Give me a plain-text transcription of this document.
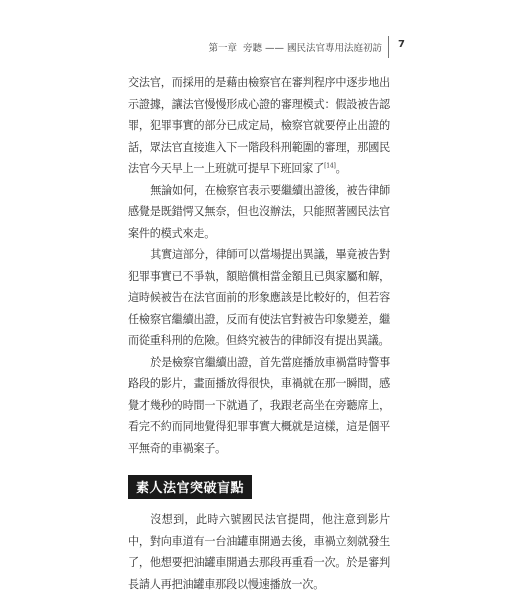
第一章 旁聽 —— 國民法官專用法庭初訪 7

交法官，而採用的是藉由檢察官在審判程序中逐步地出示證據，讓法官慢慢形成心證的審理模式：假設被告認罪，犯罪事實的部分已成定局，檢察官就要停止出證的話，眾法官直接進入下一階段科刑範圍的審理，那國民法官今天早上一上班就可提早下班回家了[14]。

無論如何，在檢察官表示要繼續出證後，被告律師感覺是既錯愕又無奈，但也沒辦法，只能照著國民法官案件的模式來走。

其實這部分，律師可以當場提出異議，畢竟被告對犯罪事實已不爭執，額賠償相當金額且已與家屬和解，這時候被告在法官面前的形象應該是比較好的，但若容任檢察官繼續出證，反而有使法官對被告印象變差，繼而從重科刑的危險。但終究被告的律師沒有提出異議。

於是檢察官繼續出證，首先當庭播放車禍當時警事路段的影片，畫面播放得很快，車禍就在那一瞬間，感覺才幾秒的時間一下就過了，我跟老高坐在旁聽席上，看完不約而同地覺得犯罪事實大概就是這樣，這是個平平無奇的車禍案子。

素人法官突破盲點

沒想到，此時六號國民法官提問，他注意到影片中，對向車道有一台油罐車開過去後，車禍立刻就發生了，他想要把油罐車開過去那段再重看一次。於是審判長請人再把油罐車那段以慢速播放一次。
